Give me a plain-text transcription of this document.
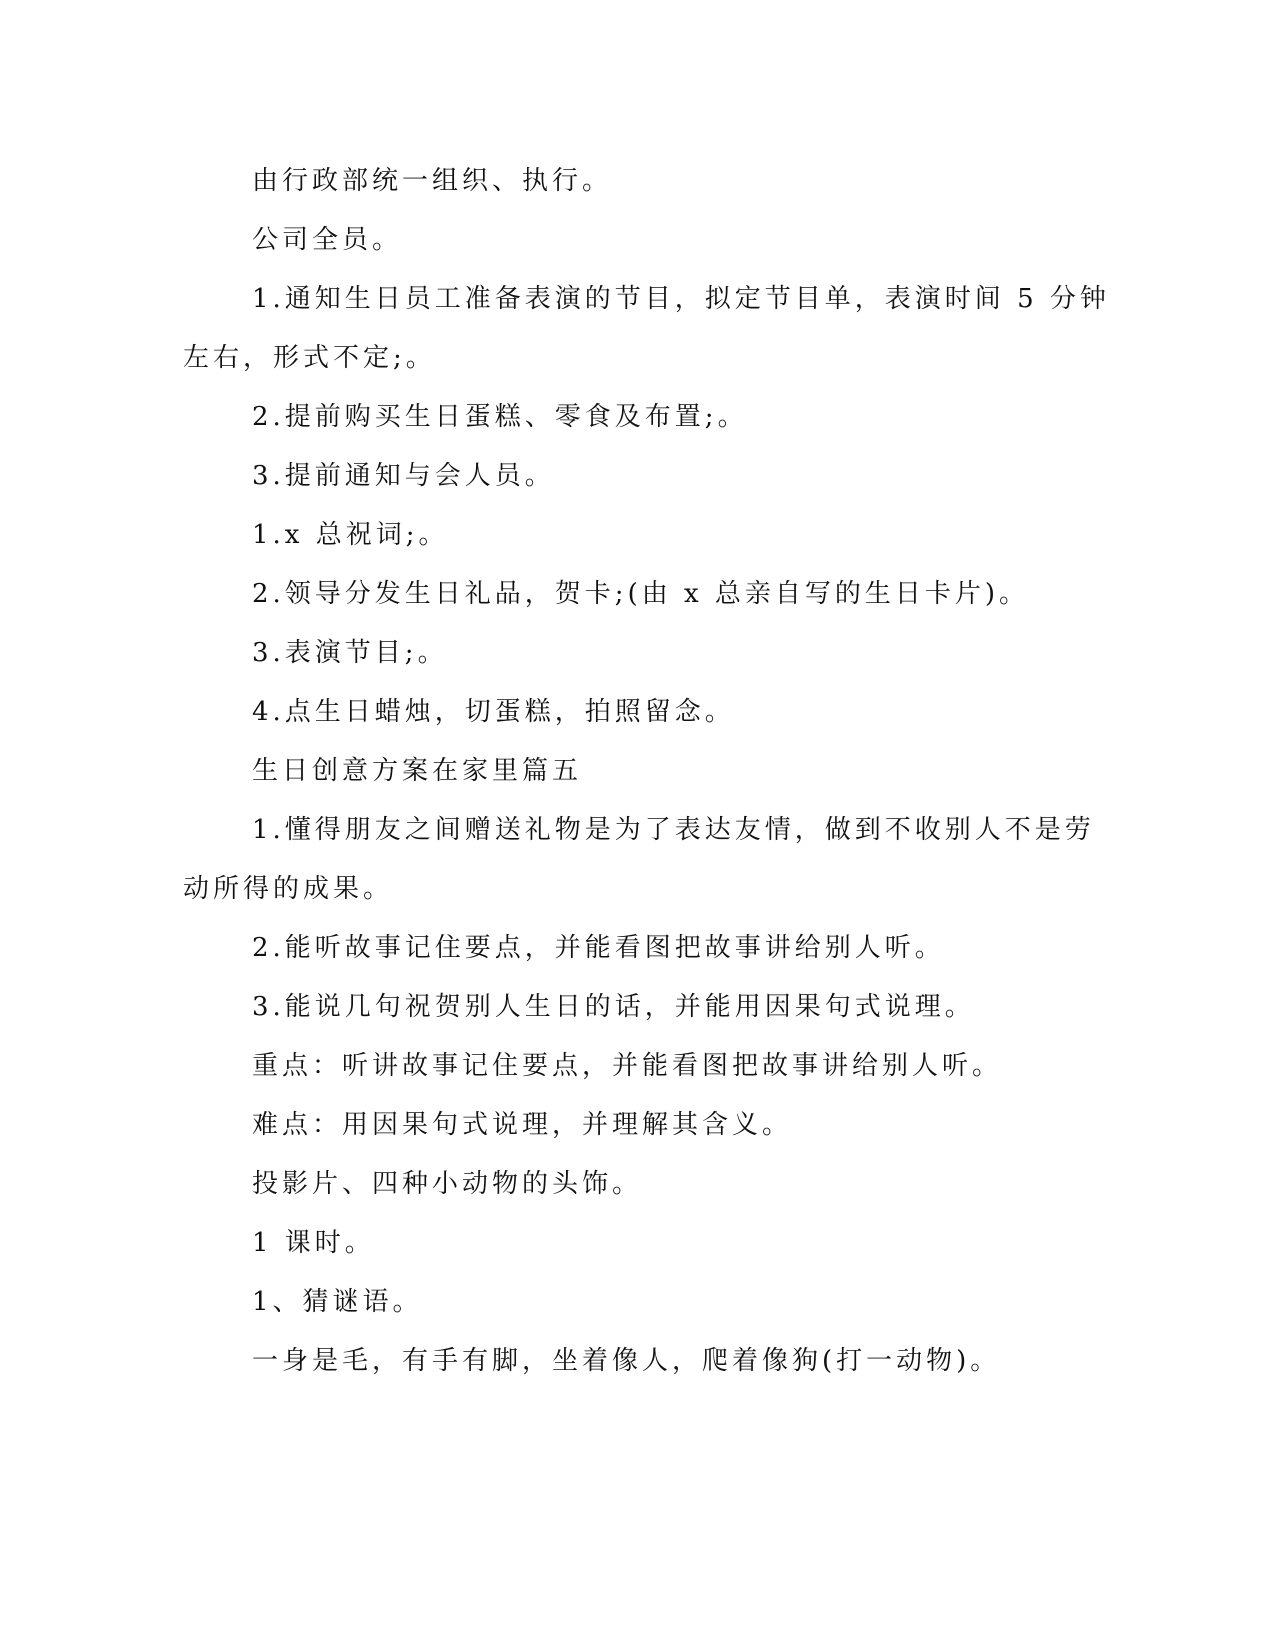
由行政部统一组织、执行。

公司全员。

1.通知生日员工准备表演的节目，拟定节目单，表演时间 5 分钟

左右，形式不定;。

2.提前购买生日蛋糕、零食及布置;。

3.提前通知与会人员。

1.x 总祝词;。

2.领导分发生日礼品，贺卡;(由 x 总亲自写的生日卡片)。

3.表演节目;。

4.点生日蜡烛，切蛋糕，拍照留念。

生日创意方案在家里篇五

1.懂得朋友之间赠送礼物是为了表达友情，做到不收别人不是劳

动所得的成果。

2.能听故事记住要点，并能看图把故事讲给别人听。

3.能说几句祝贺别人生日的话，并能用因果句式说理。

重点：听讲故事记住要点，并能看图把故事讲给别人听。

难点：用因果句式说理，并理解其含义。

投影片、四种小动物的头饰。

1 课时。

1、猜谜语。

一身是毛，有手有脚，坐着像人，爬着像狗(打一动物)。
